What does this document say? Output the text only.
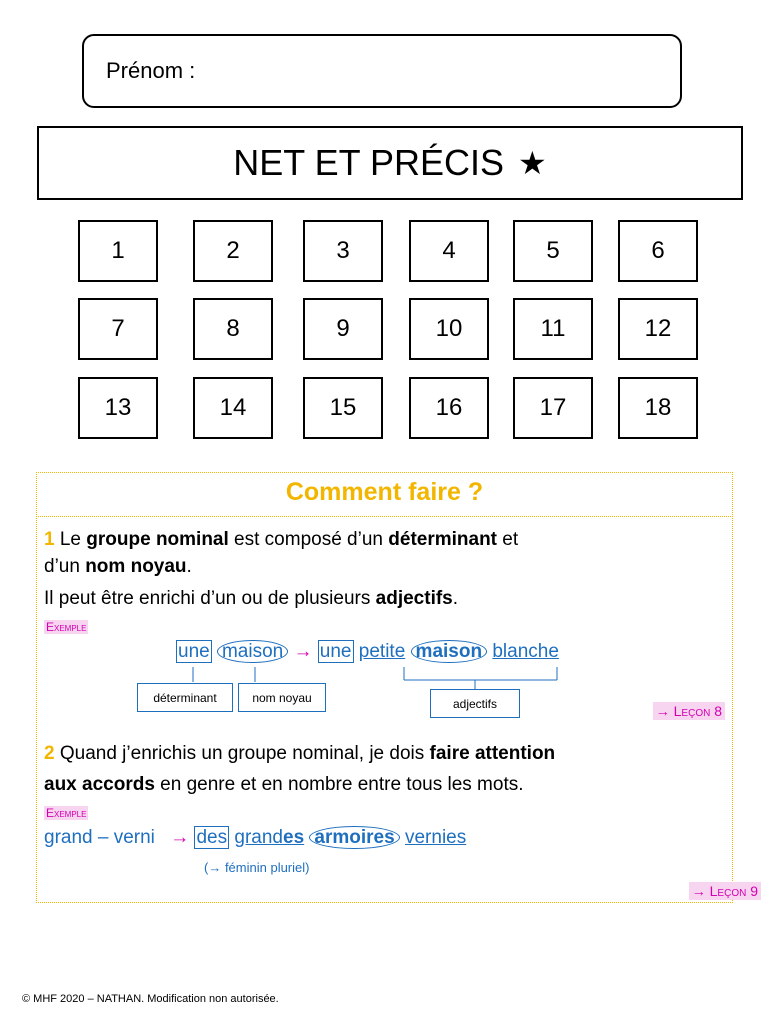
Prénom :
NET ET PRÉCIS ★
1	2	3	4	5	6
7	8	9	10	11	12
13	14	15	16	17	18
Comment faire ?
1 Le groupe nominal est composé d’un déterminant et
d’un nom noyau.
Il peut être enrichi d’un ou de plusieurs adjectifs.
Exemple
une maison → une petite maison blanche
déterminant	nom noyau	adjectifs	→ Leçon 8
2 Quand j’enrichis un groupe nominal, je dois faire attention
aux accords en genre et en nombre entre tous les mots.
Exemple
grand – verni → des grandes armoires vernies
(→ féminin pluriel)
→ Leçon 9
© MHF 2020 – NATHAN. Modification non autorisée.
